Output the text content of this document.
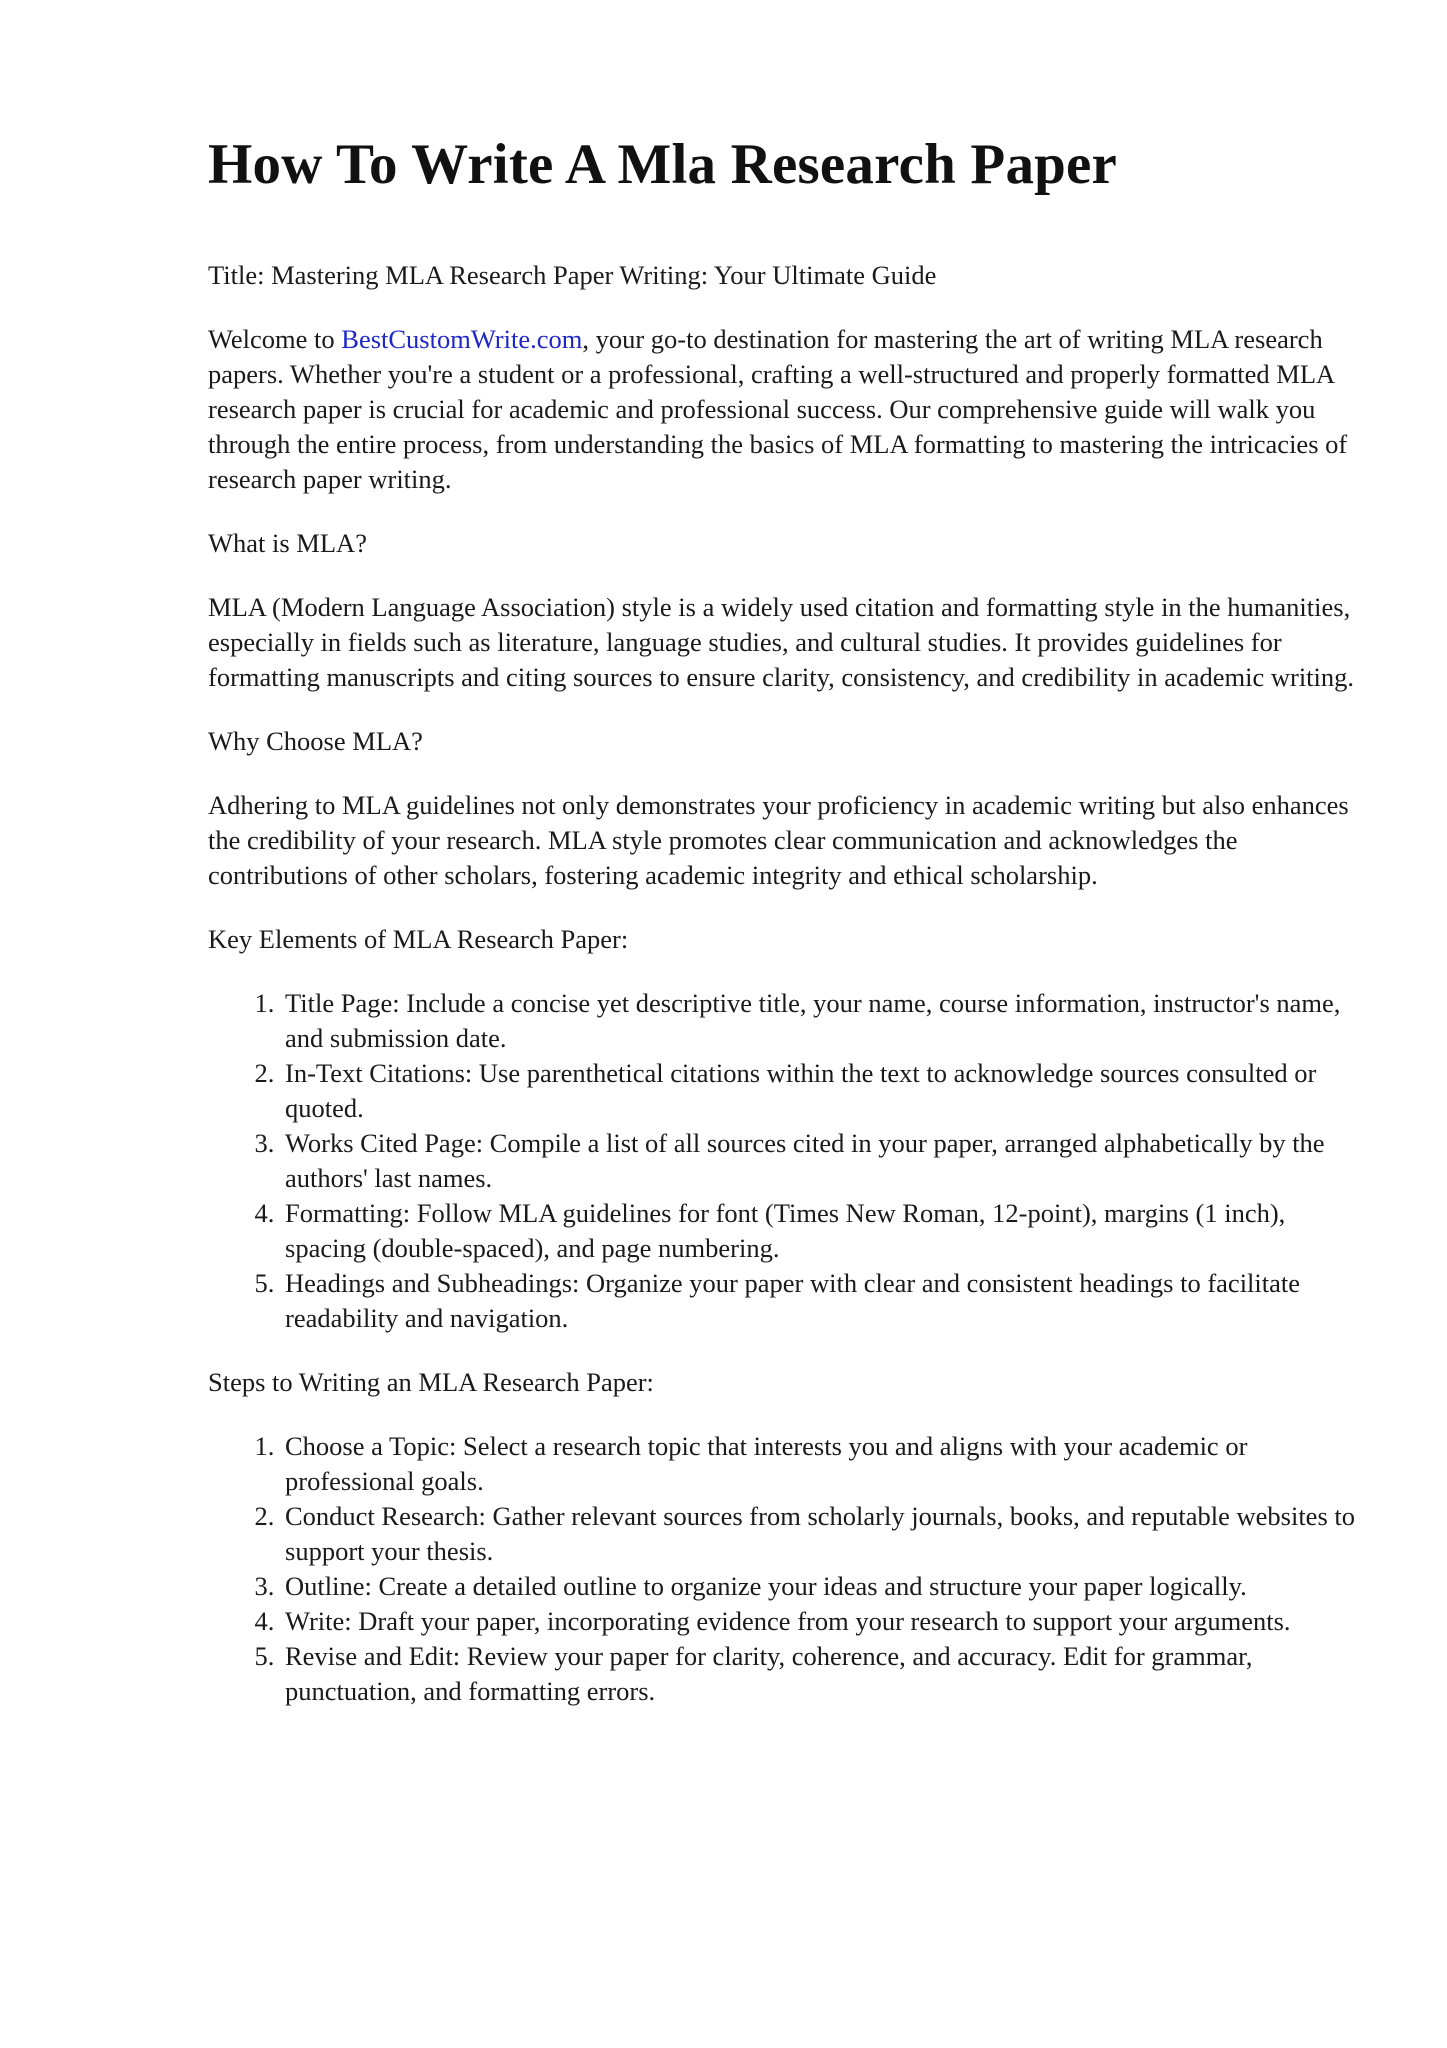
How To Write A Mla Research Paper

Title: Mastering MLA Research Paper Writing: Your Ultimate Guide

Welcome to BestCustomWrite.com, your go-to destination for mastering the art of writing MLA research papers. Whether you're a student or a professional, crafting a well-structured and properly formatted MLA research paper is crucial for academic and professional success. Our comprehensive guide will walk you through the entire process, from understanding the basics of MLA formatting to mastering the intricacies of research paper writing.

What is MLA?

MLA (Modern Language Association) style is a widely used citation and formatting style in the humanities, especially in fields such as literature, language studies, and cultural studies. It provides guidelines for formatting manuscripts and citing sources to ensure clarity, consistency, and credibility in academic writing.

Why Choose MLA?

Adhering to MLA guidelines not only demonstrates your proficiency in academic writing but also enhances the credibility of your research. MLA style promotes clear communication and acknowledges the contributions of other scholars, fostering academic integrity and ethical scholarship.

Key Elements of MLA Research Paper:

1. Title Page: Include a concise yet descriptive title, your name, course information, instructor's name, and submission date.
2. In-Text Citations: Use parenthetical citations within the text to acknowledge sources consulted or quoted.
3. Works Cited Page: Compile a list of all sources cited in your paper, arranged alphabetically by the authors' last names.
4. Formatting: Follow MLA guidelines for font (Times New Roman, 12-point), margins (1 inch), spacing (double-spaced), and page numbering.
5. Headings and Subheadings: Organize your paper with clear and consistent headings to facilitate readability and navigation.

Steps to Writing an MLA Research Paper:

1. Choose a Topic: Select a research topic that interests you and aligns with your academic or professional goals.
2. Conduct Research: Gather relevant sources from scholarly journals, books, and reputable websites to support your thesis.
3. Outline: Create a detailed outline to organize your ideas and structure your paper logically.
4. Write: Draft your paper, incorporating evidence from your research to support your arguments.
5. Revise and Edit: Review your paper for clarity, coherence, and accuracy. Edit for grammar, punctuation, and formatting errors.
